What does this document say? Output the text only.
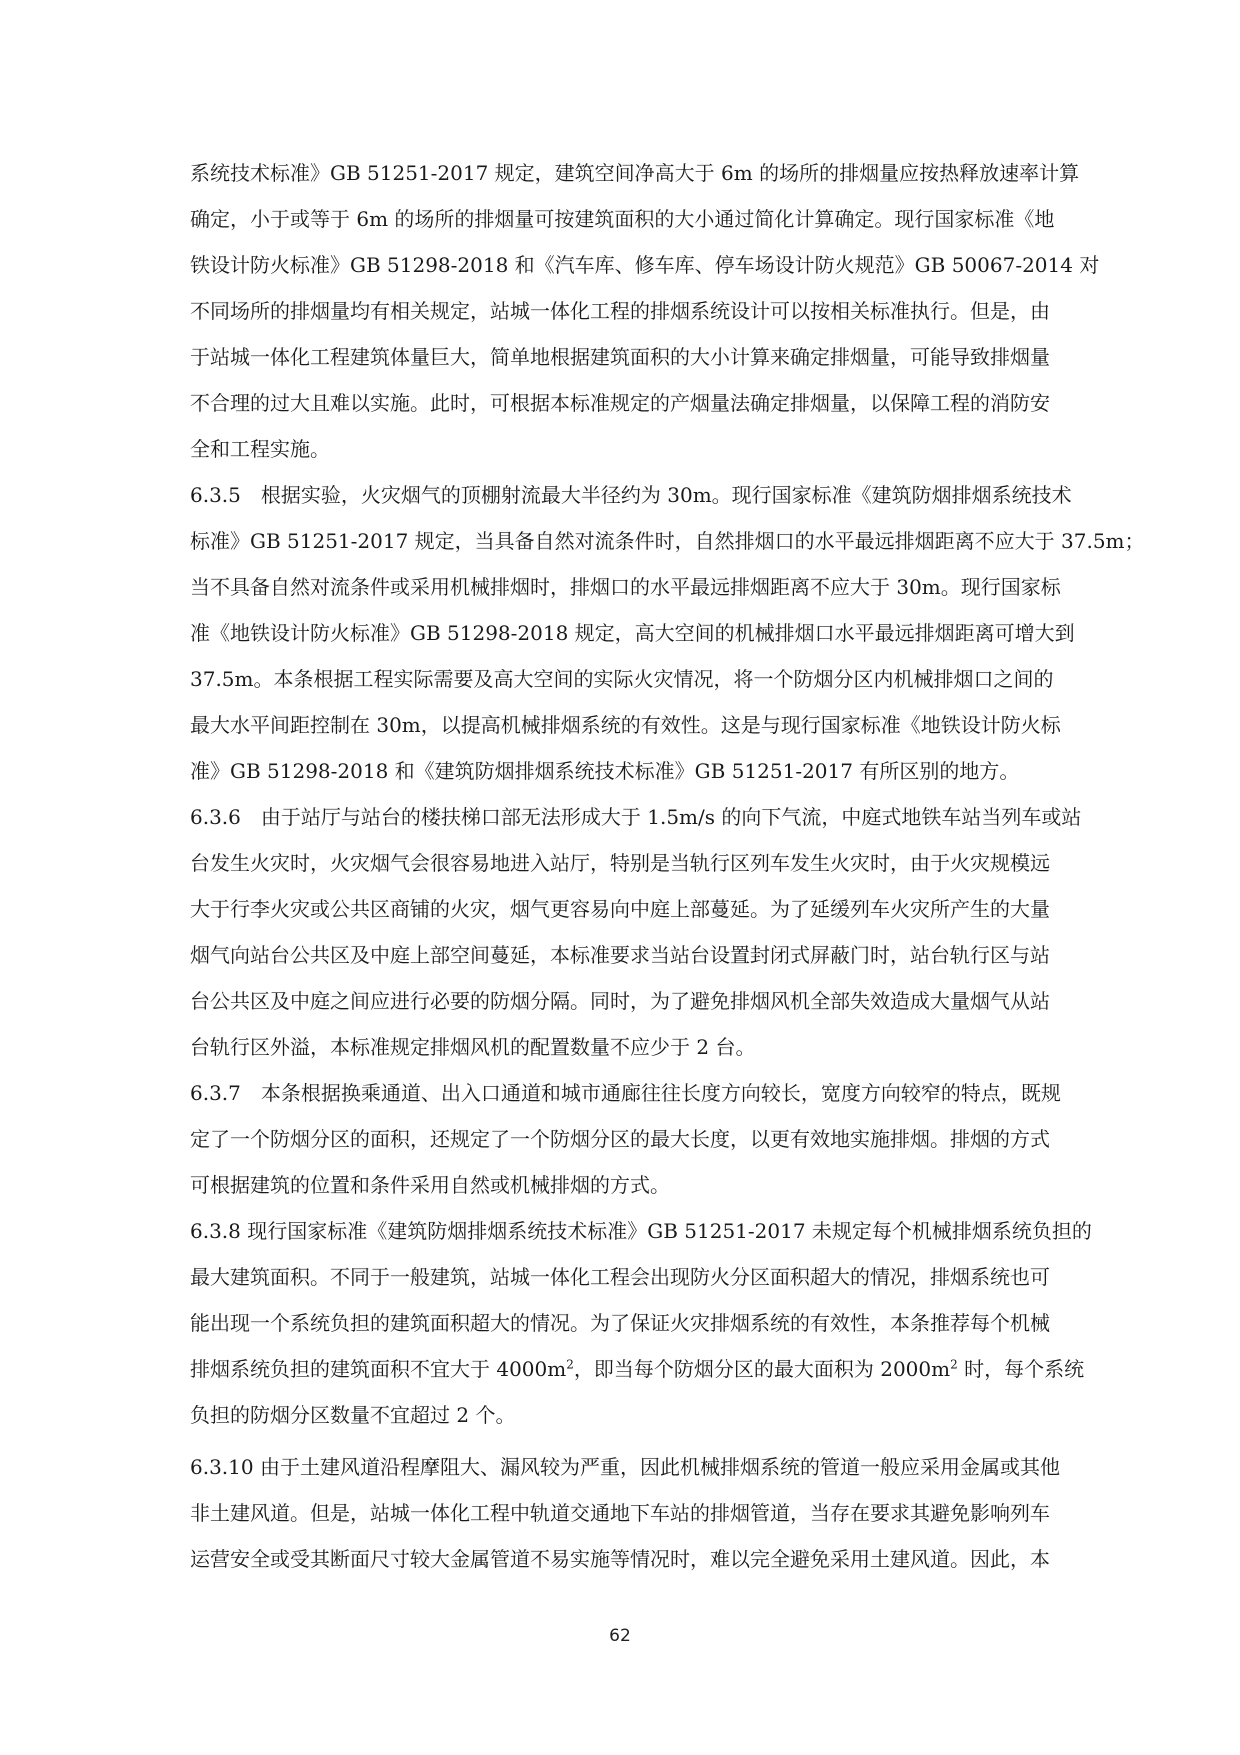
系统技术标准》GB 51251-2017 规定，建筑空间净高大于 6m 的场所的排烟量应按热释放速率计算
确定，小于或等于 6m 的场所的排烟量可按建筑面积的大小通过简化计算确定。现行国家标准《地
铁设计防火标准》GB 51298-2018 和《汽车库、修车库、停车场设计防火规范》GB 50067-2014 对
不同场所的排烟量均有相关规定，站城一体化工程的排烟系统设计可以按相关标准执行。但是，由
于站城一体化工程建筑体量巨大，简单地根据建筑面积的大小计算来确定排烟量，可能导致排烟量
不合理的过大且难以实施。此时，可根据本标准规定的产烟量法确定排烟量，以保障工程的消防安
全和工程实施。
6.3.5　根据实验，火灾烟气的顶棚射流最大半径约为 30m。现行国家标准《建筑防烟排烟系统技术
标准》GB 51251-2017 规定，当具备自然对流条件时，自然排烟口的水平最远排烟距离不应大于 37.5m；
当不具备自然对流条件或采用机械排烟时，排烟口的水平最远排烟距离不应大于 30m。现行国家标
准《地铁设计防火标准》GB 51298-2018 规定，高大空间的机械排烟口水平最远排烟距离可增大到
37.5m。本条根据工程实际需要及高大空间的实际火灾情况，将一个防烟分区内机械排烟口之间的
最大水平间距控制在 30m，以提高机械排烟系统的有效性。这是与现行国家标准《地铁设计防火标
准》GB 51298-2018 和《建筑防烟排烟系统技术标准》GB 51251-2017 有所区别的地方。
6.3.6　由于站厅与站台的楼扶梯口部无法形成大于 1.5m/s 的向下气流，中庭式地铁车站当列车或站
台发生火灾时，火灾烟气会很容易地进入站厅，特别是当轨行区列车发生火灾时，由于火灾规模远
大于行李火灾或公共区商铺的火灾，烟气更容易向中庭上部蔓延。为了延缓列车火灾所产生的大量
烟气向站台公共区及中庭上部空间蔓延，本标准要求当站台设置封闭式屏蔽门时，站台轨行区与站
台公共区及中庭之间应进行必要的防烟分隔。同时，为了避免排烟风机全部失效造成大量烟气从站
台轨行区外溢，本标准规定排烟风机的配置数量不应少于 2 台。
6.3.7　本条根据换乘通道、出入口通道和城市通廊往往长度方向较长，宽度方向较窄的特点，既规
定了一个防烟分区的面积，还规定了一个防烟分区的最大长度，以更有效地实施排烟。排烟的方式
可根据建筑的位置和条件采用自然或机械排烟的方式。
6.3.8 现行国家标准《建筑防烟排烟系统技术标准》GB 51251-2017 未规定每个机械排烟系统负担的
最大建筑面积。不同于一般建筑，站城一体化工程会出现防火分区面积超大的情况，排烟系统也可
能出现一个系统负担的建筑面积超大的情况。为了保证火灾排烟系统的有效性，本条推荐每个机械
排烟系统负担的建筑面积不宜大于 $4000m^2$，即当每个防烟分区的最大面积为 $2000m^2$ 时，每个系统
负担的防烟分区数量不宜超过 2 个。
6.3.10 由于土建风道沿程摩阻大、漏风较为严重，因此机械排烟系统的管道一般应采用金属或其他
非土建风道。但是，站城一体化工程中轨道交通地下车站的排烟管道，当存在要求其避免影响列车
运营安全或受其断面尺寸较大金属管道不易实施等情况时，难以完全避免采用土建风道。因此，本
62
